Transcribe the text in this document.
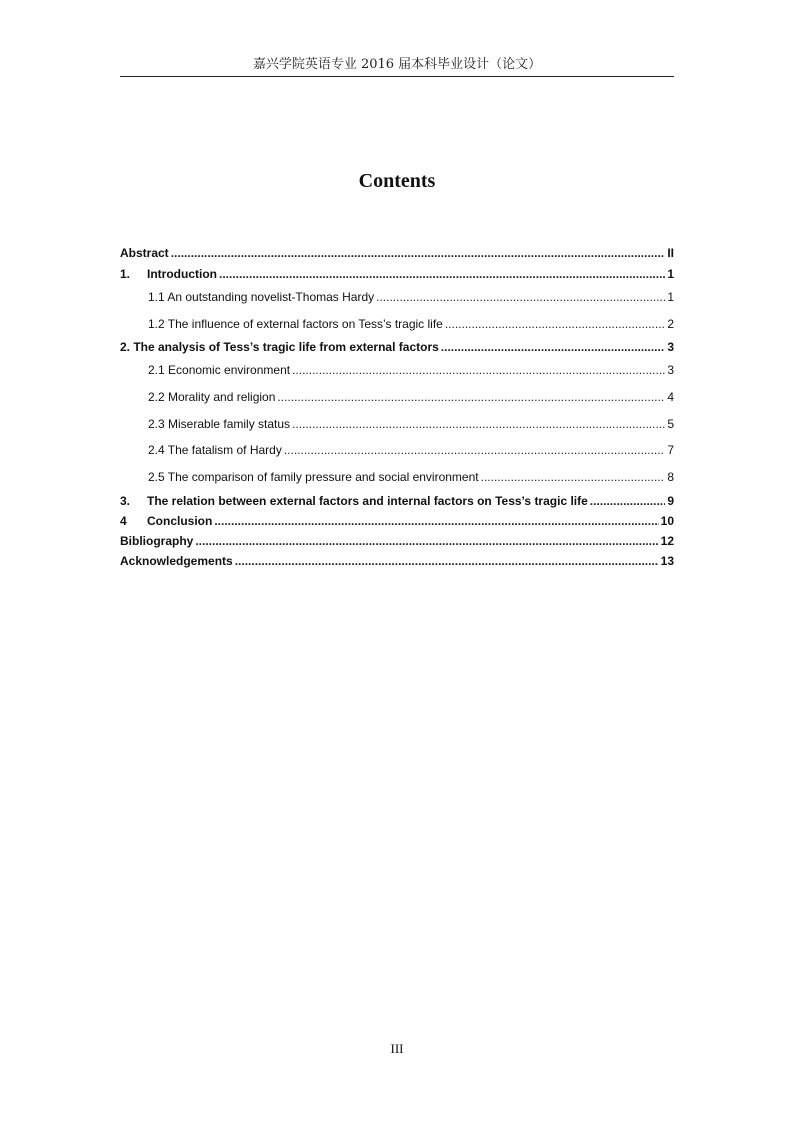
嘉兴学院英语专业 2016 届本科毕业设计（论文）
Contents
Abstract .....	II
1.	Introduction .....	1
1.1 An outstanding novelist-Thomas Hardy .....	1
1.2 The influence of external factors on Tess’s tragic life .....	2
2. The analysis of Tess’s tragic life from external factors .....	3
2.1 Economic environment .....	3
2.2 Morality and religion .....	4
2.3 Miserable family status .....	5
2.4 The fatalism of Hardy .....	7
2.5 The comparison of family pressure and social environment .....	8
3.	The relation between external factors and internal factors on Tess’s tragic life .....	9
4	Conclusion .....	10
Bibliography .....	12
Acknowledgements .....	13
III
